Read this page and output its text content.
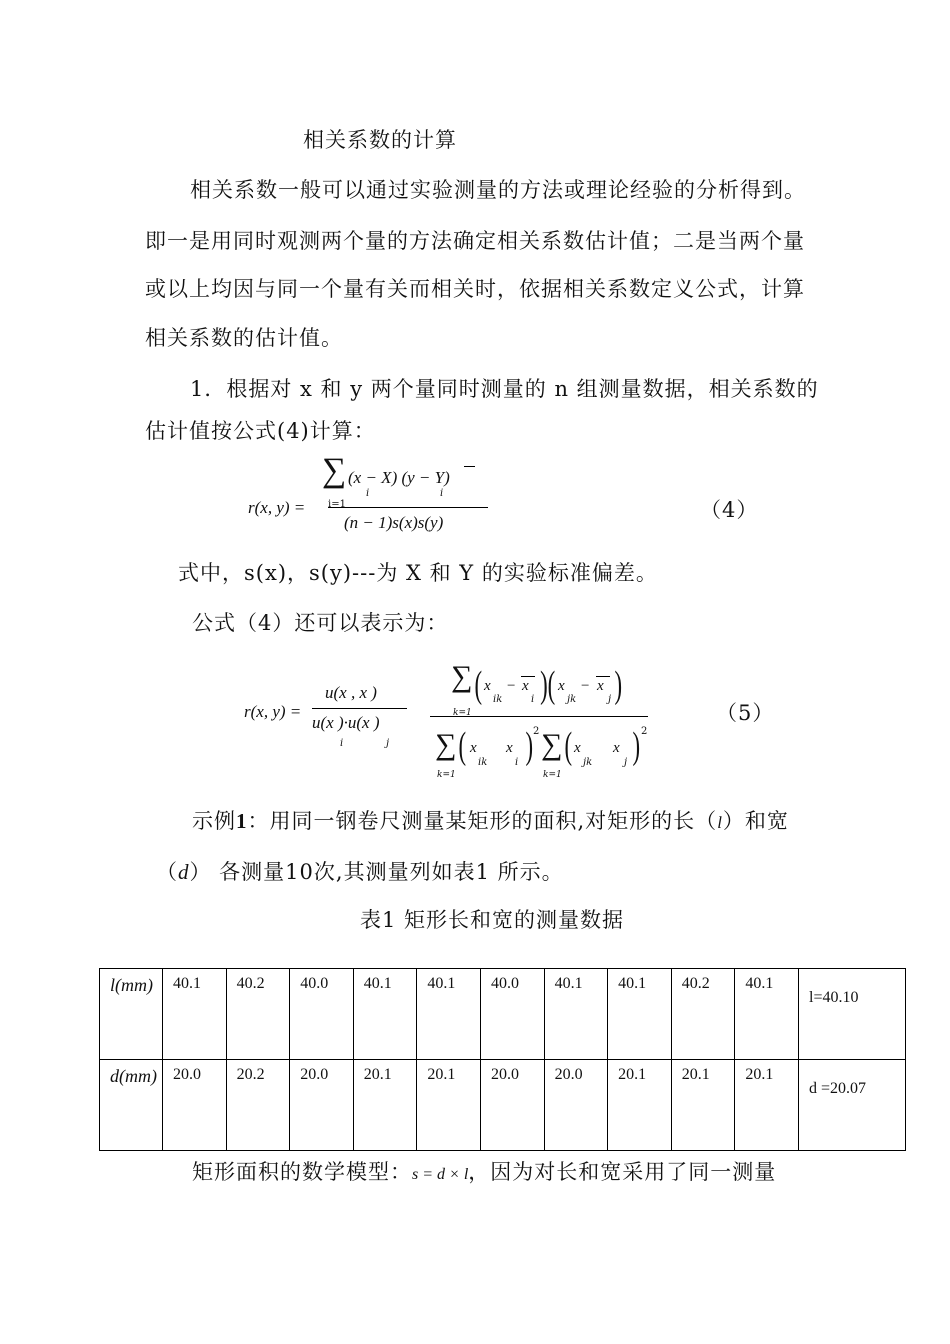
相关系数的计算
相关系数一般可以通过实验测量的方法或理论经验的分析得到。
即一是用同时观测两个量的方法确定相关系数估计值；二是当两个量
或以上均因与同一个量有关而相关时，依据相关系数定义公式，计算
相关系数的估计值。
1．根据对 x 和 y 两个量同时测量的 n 组测量数据，相关系数的
估计值按公式(4)计算：
∑ (x − X) (y − Y)
i	i
r(x, y) = i=1
(n − 1)s(x)s(y)
（4）
式中，s(x)，s(y)---为 X 和 Y 的实验标准偏差。
公式（4）还可以表示为：
r(x, y) =
u(x , x )
u(x )·u(x )
i	j
∑
k=1
( x
ik
− x
i )( x
jk
− x
j )
∑
k=1
( x
ik
x
i ) 2 ∑
k=1
( x
jk
x
j ) 2
（5）
示例1：用同一钢卷尺测量某矩形的面积,对矩形的长（l）和宽
（d） 各测量10次,其测量列如表1 所示。
表1 矩形长和宽的测量数据
l(mm)	40.1	40.2	40.0	40.1	40.1	40.0	40.1	40.1	40.2	40.1	l=40.10
d(mm)	20.0	20.2	20.0	20.1	20.1	20.0	20.0	20.1	20.1	20.1	d =20.07
矩形面积的数学模型：s = d × l，因为对长和宽采用了同一测量
